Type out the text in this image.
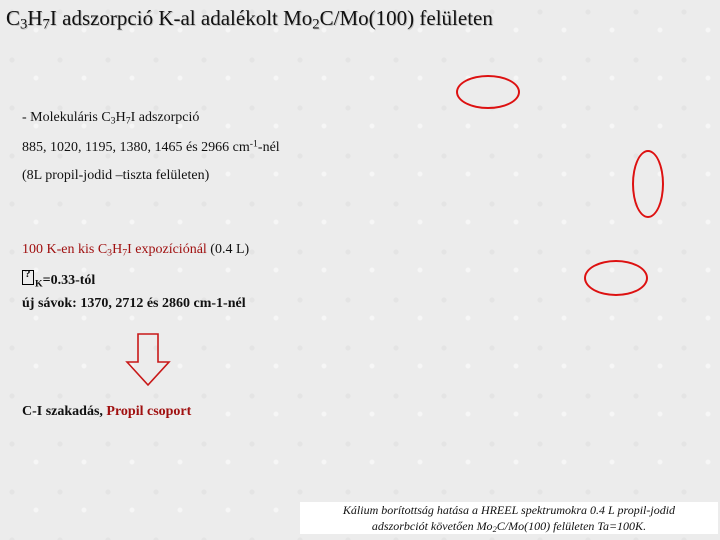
$C_3H_7I$ adszorpció K-al adalékolt $Mo_2C/Mo(100)$ felületen
- Molekuláris $C_3H_7I$ adszorpció
885, 1020, 1195, 1380, 1465 és 2966 $cm^{-1}$-nél
(8L propil-jodid –tiszta felületen)
100 K-en kis $C_3H_7I$ expozíciónál (0.4 L)
$?_K=0.33$-tól
új sávok: 1370, 2712 és 2860 cm-1-nél
C-I szakadás, Propil csoport
Kálium borítottság hatása a HREEL spektrumokra 0.4 L propil-jodid
adszorbciót követően $Mo_2C/Mo(100)$ felületen Ta=100K.
